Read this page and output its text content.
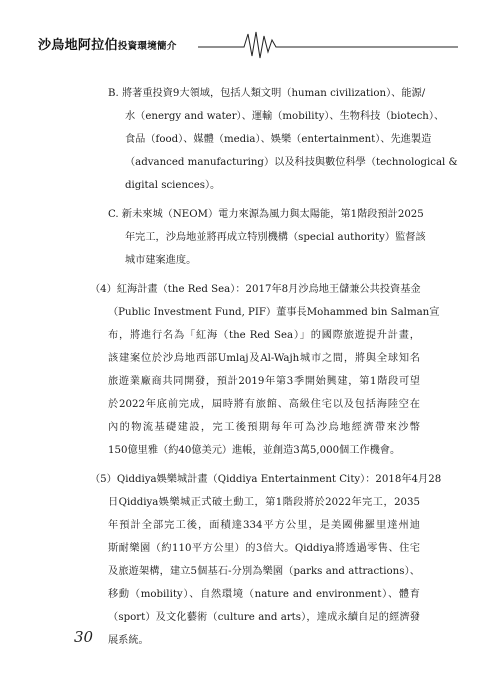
沙烏地阿拉伯投資環境簡介
B. 將著重投資9大領域，包括人類文明（human civilization）、能源/
水（energy and water）、運輸（mobility）、生物科技（biotech）、
食品（food）、媒體（media）、娛樂（entertainment）、先進製造
（advanced manufacturing）以及科技與數位科學（technological &
digital sciences）。
C. 新未來城（NEOM）電力來源為風力與太陽能，第1階段預計2025
年完工，沙烏地並將再成立特別機構（special authority）監督該
城市建案進度。
（4）紅海計畫（the Red Sea）：2017年8月沙烏地王儲兼公共投資基金
（Public Investment Fund, PIF）董事長Mohammed bin Salman宣
布，將進行名為「紅海（the Red Sea）」的國際旅遊提升計畫，
該建案位於沙烏地西部Umlaj及Al-Wajh城市之間，將與全球知名
旅遊業廠商共同開發，預計2019年第3季開始興建，第1階段可望
於2022年底前完成，屆時將有旅館、高級住宅以及包括海陸空在
內的物流基礎建設，完工後預期每年可為沙烏地經濟帶來沙幣
150億里雅（約40億美元）進帳，並創造3萬5,000個工作機會。
（5）Qiddiya娛樂城計畫（Qiddiya Entertainment City）：2018年4月28
日Qiddiya娛樂城正式破土動工，第1階段將於2022年完工，2035
年預計全部完工後，面積達334平方公里，是美國佛羅里達州迪
斯耐樂園（約110平方公里）的3倍大。Qiddiya將透過零售、住宅
及旅遊架構，建立5個基石-分別為樂園（parks and attractions）、
移動（mobility）、自然環境（nature and environment）、體育
（sport）及文化藝術（culture and arts），達成永續自足的經濟發
展系統。
30
